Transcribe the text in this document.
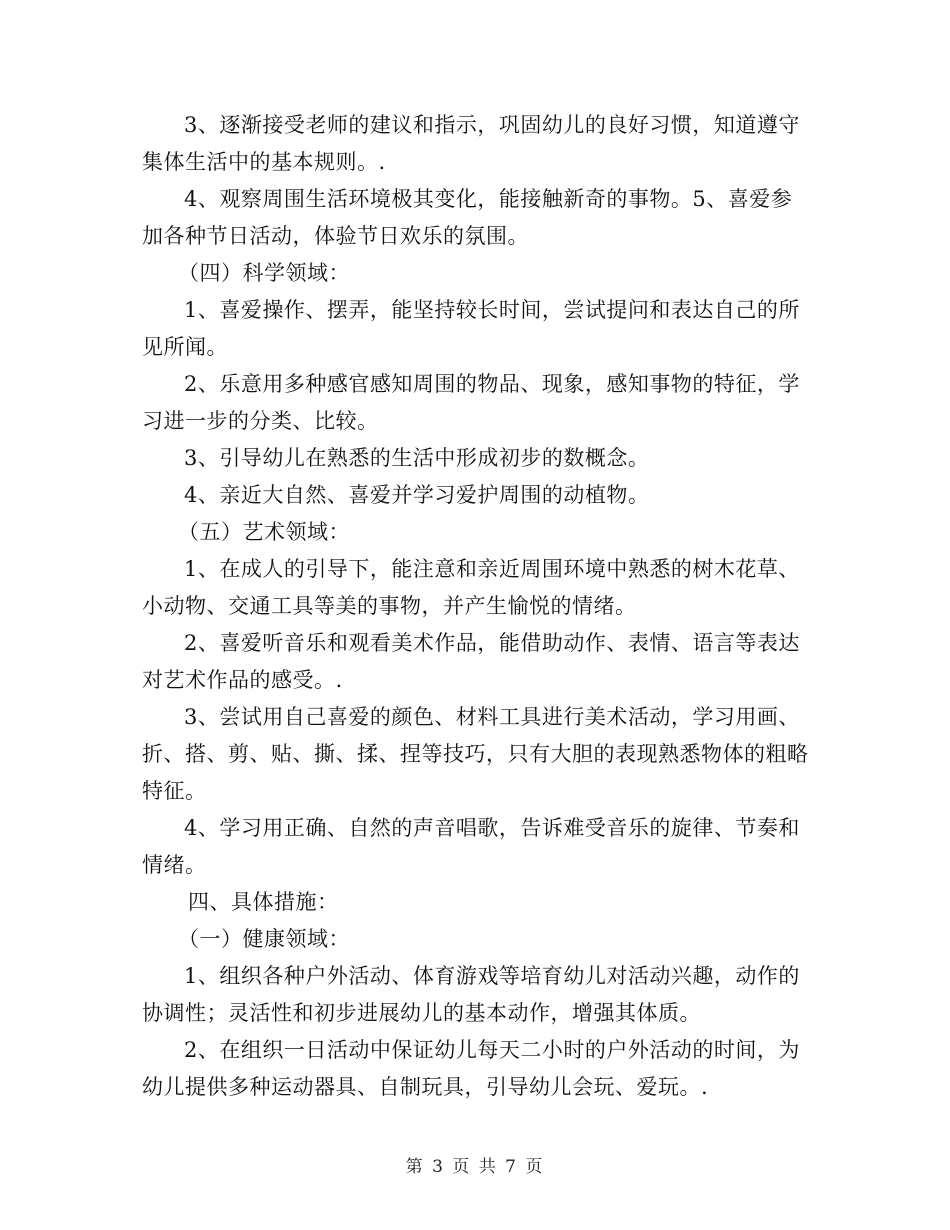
3、逐渐接受老师的建议和指示，巩固幼儿的良好习惯，知道遵守集体生活中的基本规则。.

4、观察周围生活环境极其变化，能接触新奇的事物。5、喜爱参加各种节日活动，体验节日欢乐的氛围。

（四）科学领域：

1、喜爱操作、摆弄，能坚持较长时间，尝试提问和表达自己的所见所闻。

2、乐意用多种感官感知周围的物品、现象，感知事物的特征，学习进一步的分类、比较。

3、引导幼儿在熟悉的生活中形成初步的数概念。

4、亲近大自然、喜爱并学习爱护周围的动植物。

（五）艺术领域：

1、在成人的引导下，能注意和亲近周围环境中熟悉的树木花草、小动物、交通工具等美的事物，并产生愉悦的情绪。

2、喜爱听音乐和观看美术作品，能借助动作、表情、语言等表达对艺术作品的感受。.

3、尝试用自己喜爱的颜色、材料工具进行美术活动，学习用画、折、搭、剪、贴、撕、揉、捏等技巧，只有大胆的表现熟悉物体的粗略特征。

4、学习用正确、自然的声音唱歌，告诉难受音乐的旋律、节奏和情绪。

四、具体措施：

（一）健康领域：

1、组织各种户外活动、体育游戏等培育幼儿对活动兴趣，动作的协调性；灵活性和初步进展幼儿的基本动作，增强其体质。

2、在组织一日活动中保证幼儿每天二小时的户外活动的时间，为幼儿提供多种运动器具、自制玩具，引导幼儿会玩、爱玩。.

第 3 页 共 7 页
